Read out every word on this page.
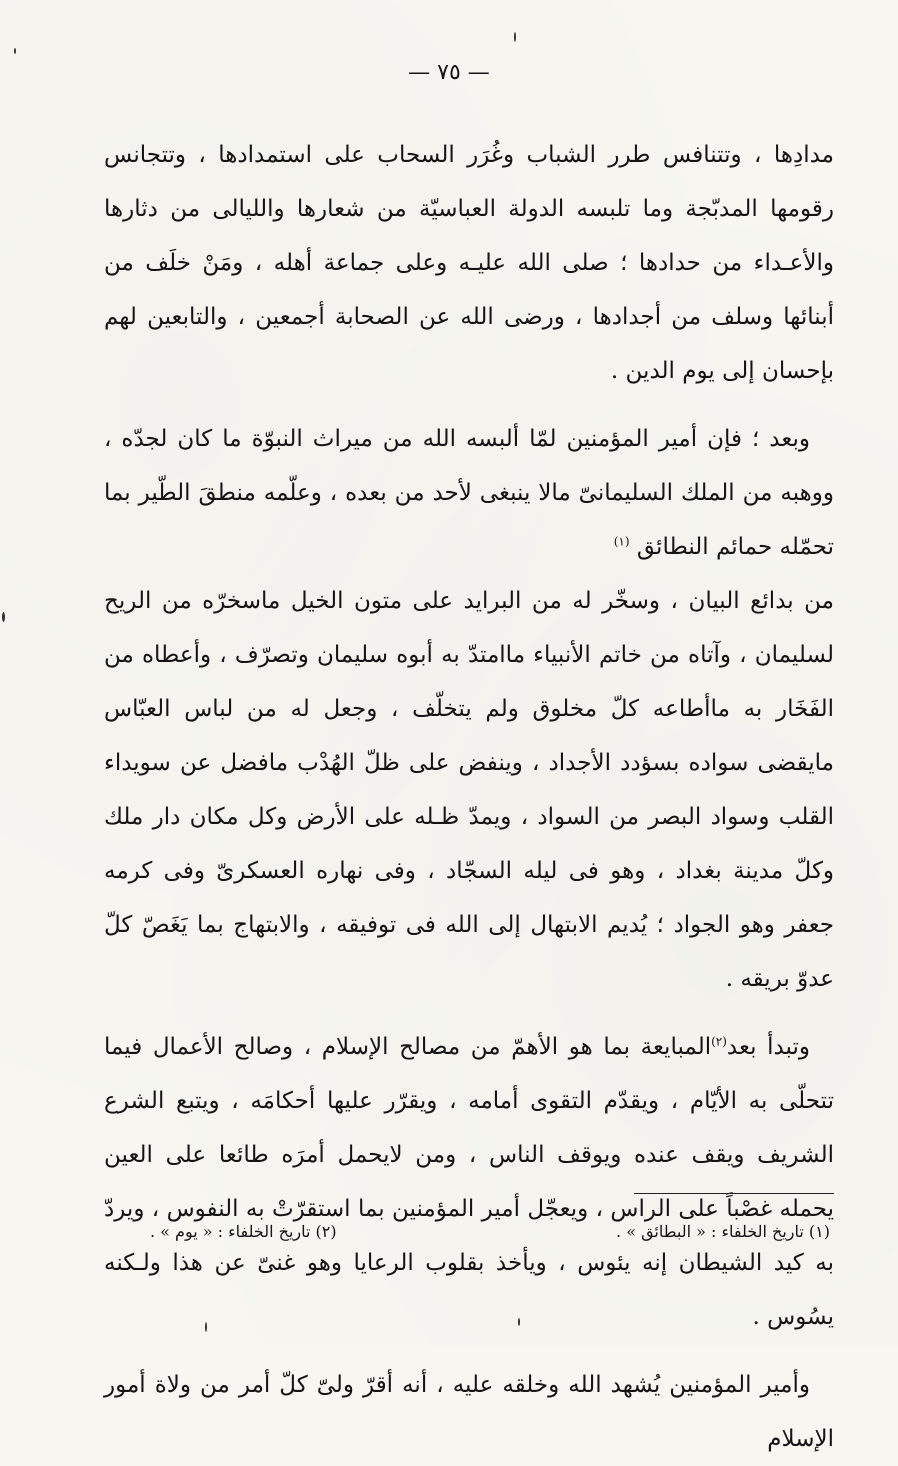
— ٧٥ —

مدادِها ، وتتنافس طرر الشباب وغُرَر السحاب على استمدادها ، وتتجانس رقومها المدبّجة وما تلبسه الدولة العباسيّة من شعارها والليالى من دثارها والأعـداء من حدادها ؛ صلى الله عليـه وعلى جماعة أهله ، ومَنْ خلَف من أبنائها وسلف من أجدادها ، ورضى الله عن الصحابة أجمعين ، والتابعين لهم بإحسان إلى يوم الدين .

وبعد ؛ فإن أمير المؤمنين لمّا ألبسه الله من ميراث النبوّة ما كان لجدّه ، ووهبه من الملك السليمانىّ مالا ينبغى لأحد من بعده ، وعلّمه منطقَ الطّير بما تحمّله حمائم النطائق $^{(١)}$

من بدائع البيان ، وسخّر له من البرايد على متون الخيل ماسخرّه من الريح لسليمان ، وآتاه من خاتم الأنبياء ماامتدّ به أبوه سليمان وتصرّف ، وأعطاه من الفَخَار به ماأطاعه كلّ مخلوق ولم يتخلّف ، وجعل له من لباس العبّاس مايقضى سواده بسؤدد الأجداد ، وينفض على ظلّ الهُدْب مافضل عن سويداء القلب وسواد البصر من السواد ، ويمدّ ظـله على الأرض وكل مكان دار ملك وكلّ مدينة بغداد ، وهو فى ليله السجّاد ، وفى نهاره العسكرىّ وفى كرمه جعفر وهو الجواد ؛ يُديم الابتهال إلى الله فى توفيقه ، والابتهاج بما يَغَصّ كلّ عدوّ بريقه .

وتبدأ بعد$^{(٢)}$المبايعة بما هو الأهمّ من مصالح الإسلام ، وصالح الأعمال فيما تتحلّى به الأيّام ، ويقدّم التقوى أمامه ، ويقرّر عليها أحكامَه ، ويتبع الشرع الشريف ويقف عنده ويوقف الناس ، ومن لايحمل أمرَه طائعا على العين يحمله غصْباً على الراس ، ويعجّل أمير المؤمنين بما استقرّتْ به النفوس ، ويردّ به كيد الشيطان إنه يئوس ، ويأخذ بقلوب الرعايا وهو غنىّ عن هذا ولـكنه يسُوس .

وأمير المؤمنين يُشهد الله وخلقه عليه ، أنه أقرّ ولىّ كلّ أمر من ولاة أمور الإسلام

(١) تاريخ الخلفاء : « البطائق » .
(٢) تاريخ الخلفاء : « يوم » .
